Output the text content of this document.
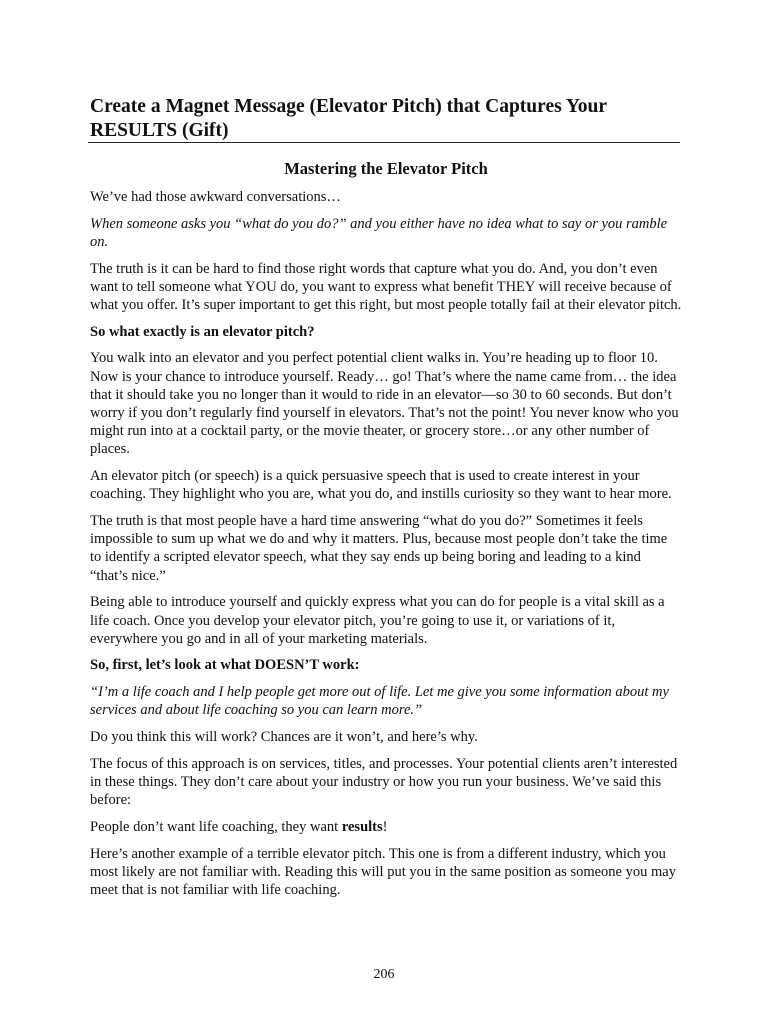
Create a Magnet Message (Elevator Pitch) that Captures Your RESULTS (Gift)
Mastering the Elevator Pitch

We’ve had those awkward conversations…

When someone asks you “what do you do?” and you either have no idea what to say or you ramble on.

The truth is it can be hard to find those right words that capture what you do. And, you don’t even want to tell someone what YOU do, you want to express what benefit THEY will receive because of what you offer. It’s super important to get this right, but most people totally fail at their elevator pitch.

So what exactly is an elevator pitch?

You walk into an elevator and you perfect potential client walks in. You’re heading up to floor 10. Now is your chance to introduce yourself. Ready… go! That’s where the name came from… the idea that it should take you no longer than it would to ride in an elevator—so 30 to 60 seconds. But don’t worry if you don’t regularly find yourself in elevators. That’s not the point! You never know who you might run into at a cocktail party, or the movie theater, or grocery store…or any other number of places.

An elevator pitch (or speech) is a quick persuasive speech that is used to create interest in your coaching. They highlight who you are, what you do, and instills curiosity so they want to hear more.

The truth is that most people have a hard time answering “what do you do?” Sometimes it feels impossible to sum up what we do and why it matters. Plus, because most people don’t take the time to identify a scripted elevator speech, what they say ends up being boring and leading to a kind “that’s nice.”

Being able to introduce yourself and quickly express what you can do for people is a vital skill as a life coach. Once you develop your elevator pitch, you’re going to use it, or variations of it, everywhere you go and in all of your marketing materials.

So, first, let’s look at what DOESN’T work:

“I’m a life coach and I help people get more out of life. Let me give you some information about my services and about life coaching so you can learn more.”

Do you think this will work? Chances are it won’t, and here’s why.

The focus of this approach is on services, titles, and processes. Your potential clients aren’t interested in these things. They don’t care about your industry or how you run your business. We’ve said this before:

People don’t want life coaching, they want results!

Here’s another example of a terrible elevator pitch. This one is from a different industry, which you most likely are not familiar with. Reading this will put you in the same position as someone you may meet that is not familiar with life coaching.

206
